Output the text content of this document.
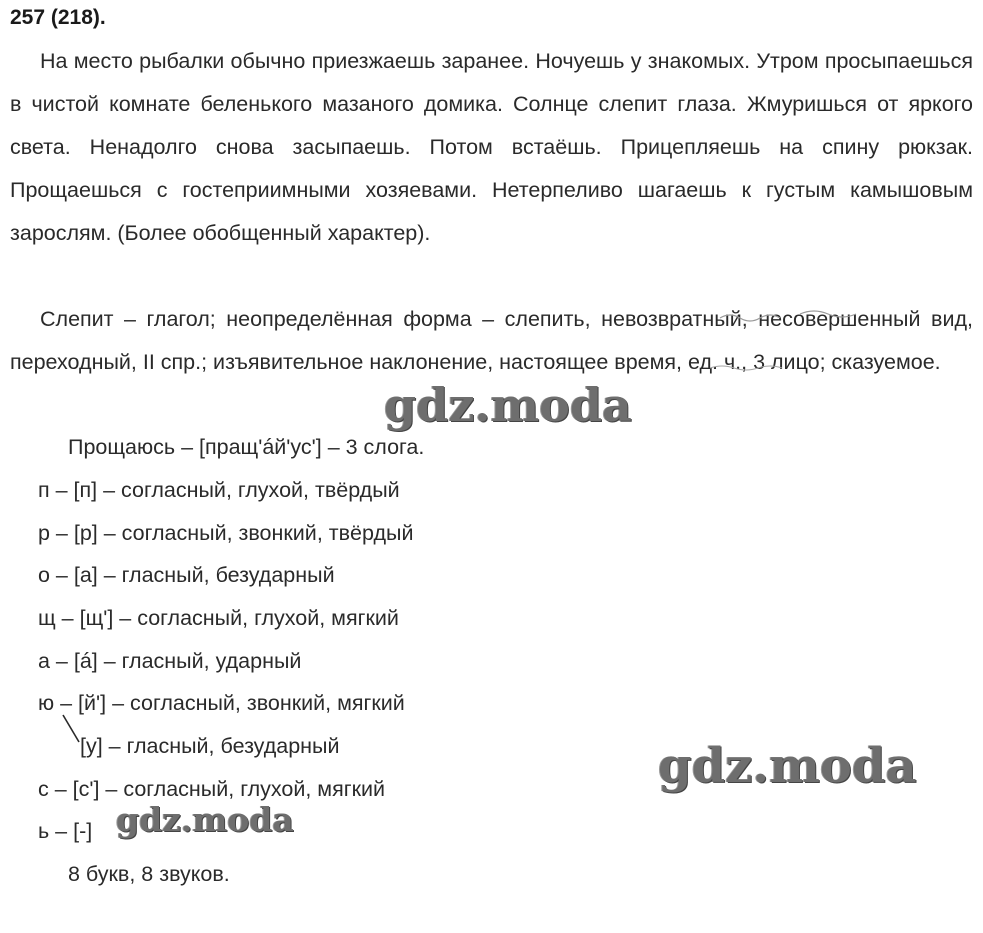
257 (218).
На место рыбалки обычно приезжаешь заранее. Ночуешь у знакомых. Утром просыпаешься в чистой комнате беленького мазаного домика. Солнце слепит глаза. Жмуришься от яркого света. Ненадолго снова засыпаешь. Потом встаёшь. Прицепляешь на спину рюкзак. Прощаешься с гостеприимными хозяевами. Нетерпеливо шагаешь к густым камышовым зарослям. (Более обобщенный характер).
Слепит – глагол; неопределённая форма – слепить, невозвратный, несовершенный вид, переходный, II спр.; изъявительное наклонение, настоящее время, ед. ч., 3 лицо; сказуемое.
Прощаюсь – [пращ'áй'ус'] – 3 слога.
п – [п] – согласный, глухой, твёрдый
р – [р] – согласный, звонкий, твёрдый
о – [а] – гласный, безударный
щ – [щ'] – согласный, глухой, мягкий
а – [á] – гласный, ударный
ю – [й'] – согласный, звонкий, мягкий
[у] – гласный, безударный
с – [с'] – согласный, глухой, мягкий
ь – [-]
8 букв, 8 звуков.
gdz.moda
gdz.moda
gdz.moda
